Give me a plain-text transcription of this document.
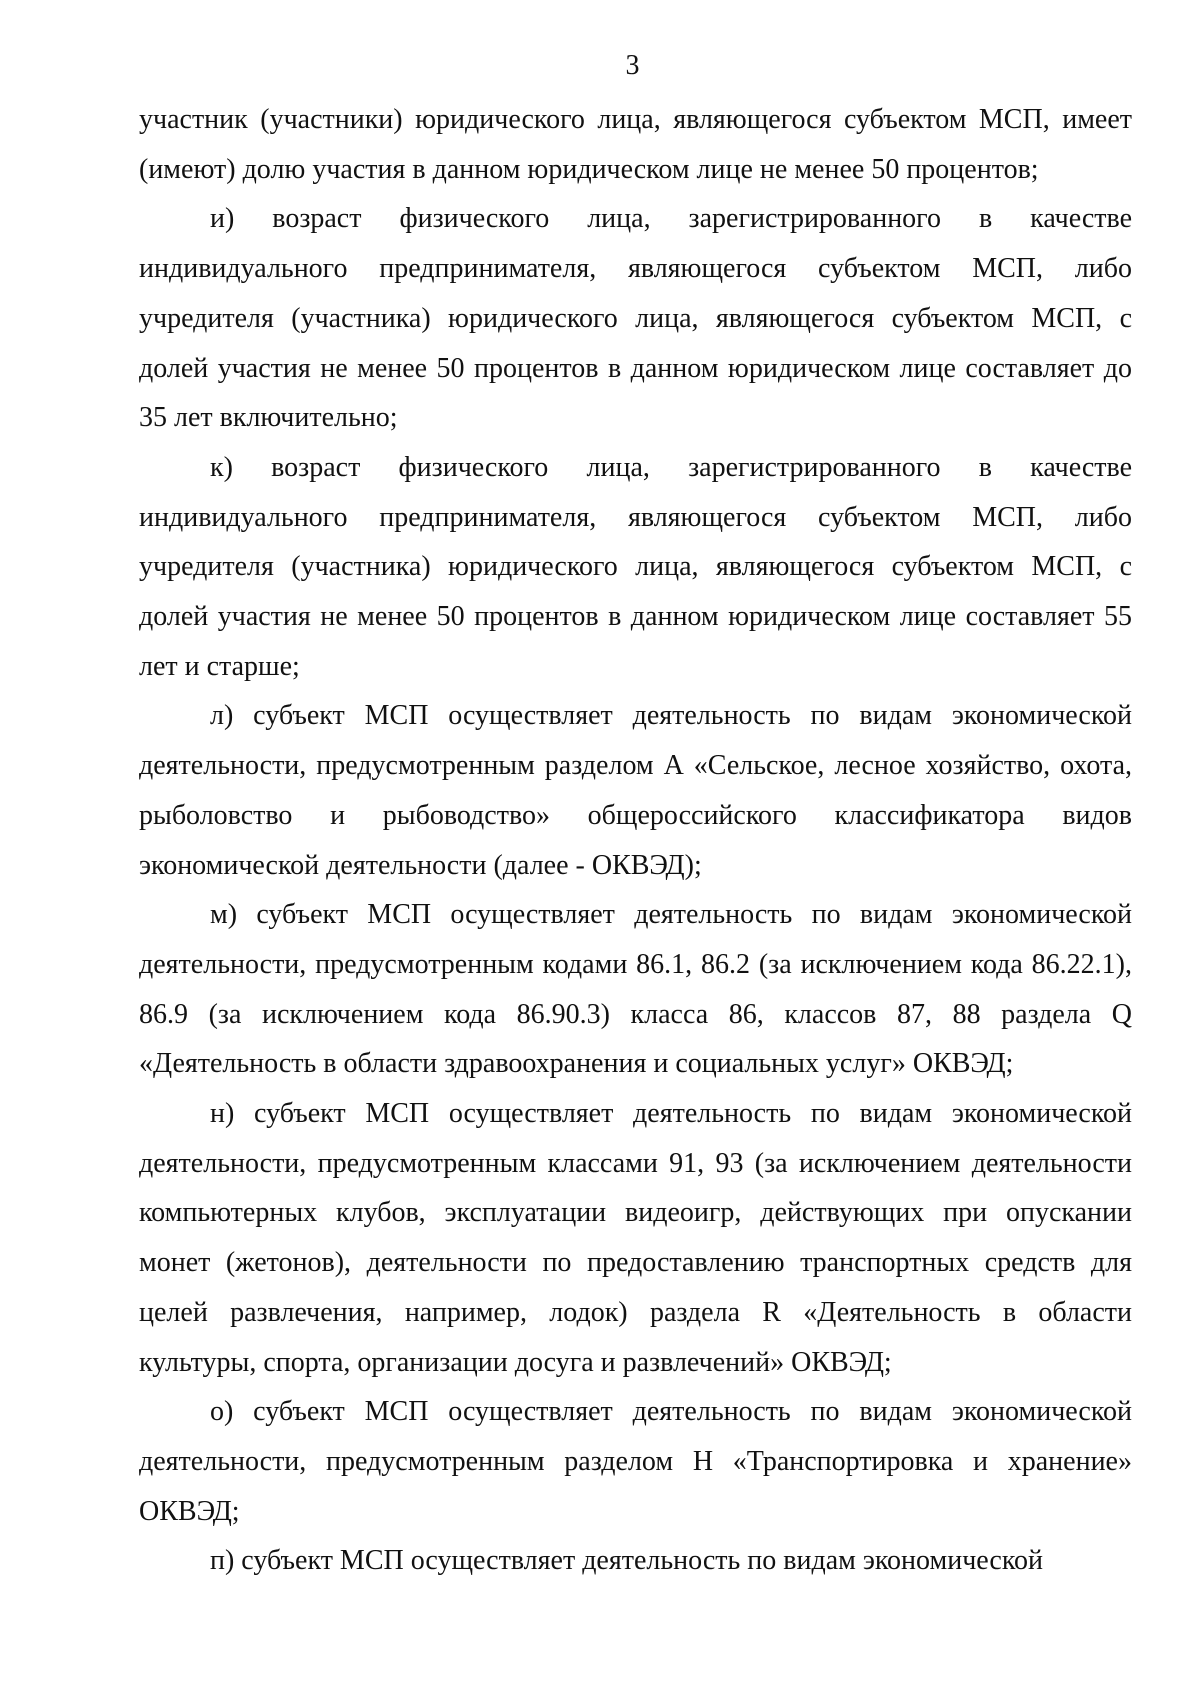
3

участник (участники) юридического лица, являющегося субъектом МСП, имеет (имеют) долю участия в данном юридическом лице не менее 50 процентов;

и) возраст физического лица, зарегистрированного в качестве индивидуального предпринимателя, являющегося субъектом МСП, либо учредителя (участника) юридического лица, являющегося субъектом МСП, с долей участия не менее 50 процентов в данном юридическом лице составляет до 35 лет включительно;

к) возраст физического лица, зарегистрированного в качестве индивидуального предпринимателя, являющегося субъектом МСП, либо учредителя (участника) юридического лица, являющегося субъектом МСП, с долей участия не менее 50 процентов в данном юридическом лице составляет 55 лет и старше;

л) субъект МСП осуществляет деятельность по видам экономической деятельности, предусмотренным разделом А «Сельское, лесное хозяйство, охота, рыболовство и рыбоводство» общероссийского классификатора видов экономической деятельности (далее - ОКВЭД);

м) субъект МСП осуществляет деятельность по видам экономической деятельности, предусмотренным кодами 86.1, 86.2 (за исключением кода 86.22.1), 86.9 (за исключением кода 86.90.3) класса 86, классов 87, 88 раздела Q «Деятельность в области здравоохранения и социальных услуг» ОКВЭД;

н) субъект МСП осуществляет деятельность по видам экономической деятельности, предусмотренным классами 91, 93 (за исключением деятельности компьютерных клубов, эксплуатации видеоигр, действующих при опускании монет (жетонов), деятельности по предоставлению транспортных средств для целей развлечения, например, лодок) раздела R «Деятельность в области культуры, спорта, организации досуга и развлечений» ОКВЭД;

о) субъект МСП осуществляет деятельность по видам экономической деятельности, предусмотренным разделом H «Транспортировка и хранение» ОКВЭД;

п) субъект МСП осуществляет деятельность по видам экономической
